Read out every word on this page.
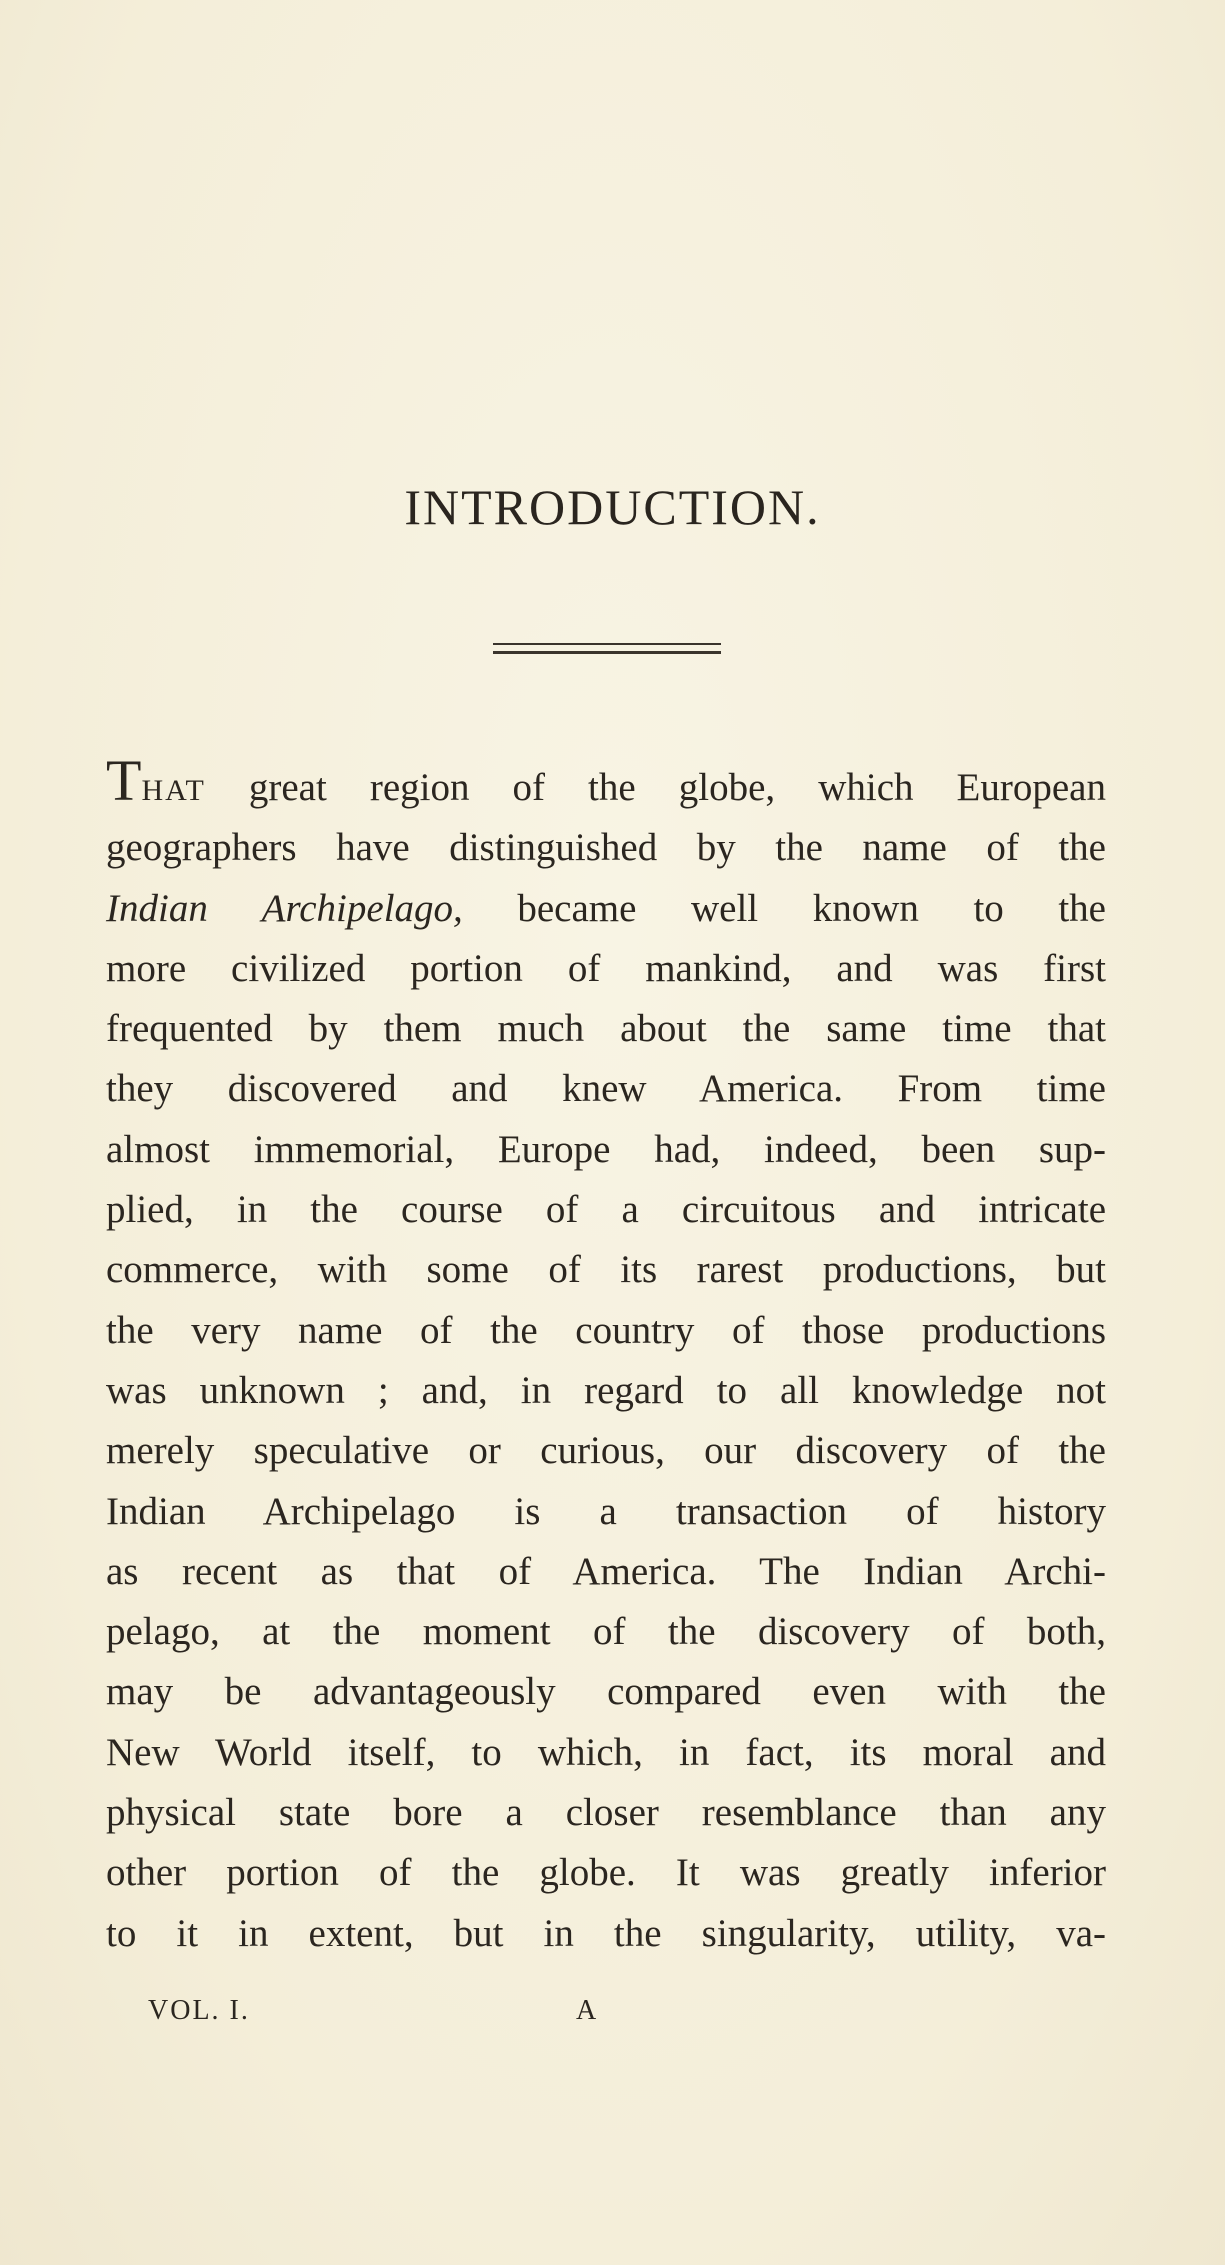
INTRODUCTION.
THAT great region of the globe, which European
geographers have distinguished by the name of the
Indian Archipelago, became well known to the
more civilized portion of mankind, and was first
frequented by them much about the same time that
they discovered and knew America. From time
almost immemorial, Europe had, indeed, been sup-
plied, in the course of a circuitous and intricate
commerce, with some of its rarest productions, but
the very name of the country of those productions
was unknown ; and, in regard to all knowledge not
merely speculative or curious, our discovery of the
Indian Archipelago is a transaction of history
as recent as that of America. The Indian Archi-
pelago, at the moment of the discovery of both,
may be advantageously compared even with the
New World itself, to which, in fact, its moral and
physical state bore a closer resemblance than any
other portion of the globe. It was greatly inferior
to it in extent, but in the singularity, utility, va-
VOL. I.	A
